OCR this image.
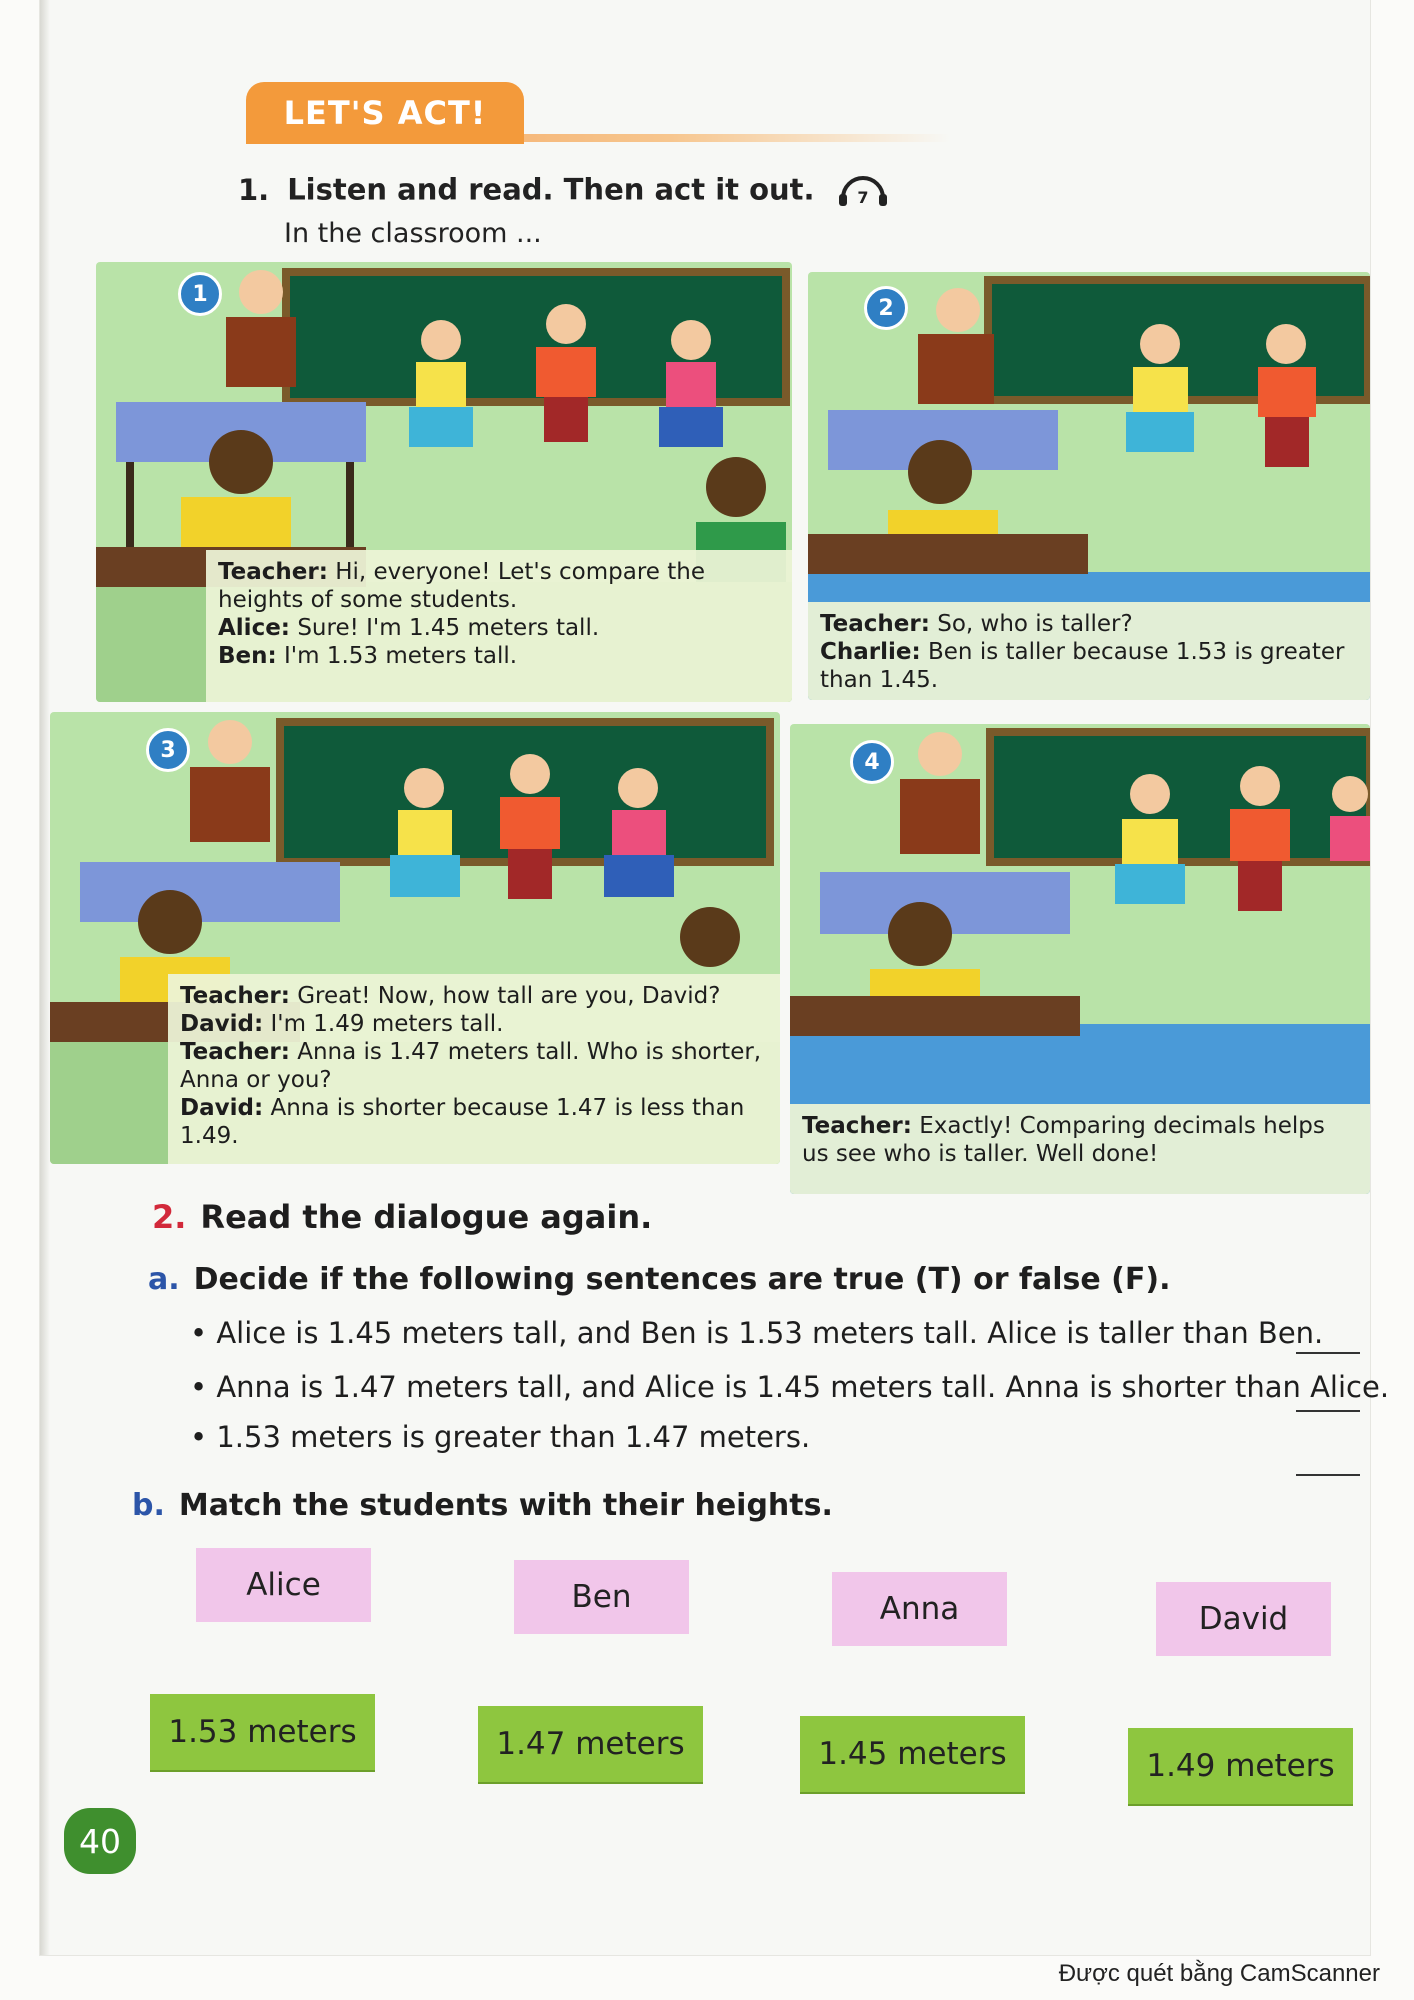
LET'S ACT!
1. Listen and read. Then act it out.	7
In the classroom ...
1

Teacher: Hi, everyone! Let's compare the heights of some students.

Alice: Sure! I'm 1.45 meters tall.

Ben: I'm 1.53 meters tall.

2

Teacher: So, who is taller?

Charlie: Ben is taller because 1.53 is greater than 1.45.

3

Teacher: Great! Now, how tall are you, David?

David: I'm 1.49 meters tall.

Teacher: Anna is 1.47 meters tall. Who is shorter, Anna or you?

David: Anna is shorter because 1.47 is less than 1.49.

4

Teacher: Exactly! Comparing decimals helps us see who is taller. Well done!

2. Read the dialogue again.
a. Decide if the following sentences are true (T) or false (F).
• Alice is 1.45 meters tall, and Ben is 1.53 meters tall. Alice is taller than Ben.
• Anna is 1.47 meters tall, and Alice is 1.45 meters tall. Anna is shorter than Alice.
• 1.53 meters is greater than 1.47 meters.
b. Match the students with their heights.
Alice	Ben	Anna	David
1.53 meters	1.47 meters	1.45 meters	1.49 meters
40
Được quét bằng CamScanner
